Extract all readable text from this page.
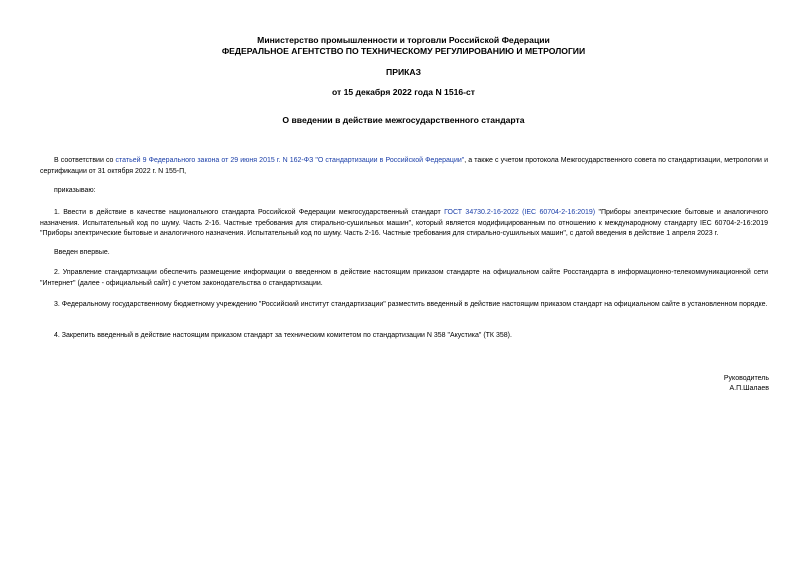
Министерство промышленности и торговли Российской Федерации
ФЕДЕРАЛЬНОЕ АГЕНТСТВО ПО ТЕХНИЧЕСКОМУ РЕГУЛИРОВАНИЮ И МЕТРОЛОГИИ
ПРИКАЗ
от 15 декабря 2022 года N 1516-ст
О введении в действие межгосударственного стандарта
В соответствии со статьей 9 Федерального закона от 29 июня 2015 г. N 162-ФЗ "О стандартизации в Российской Федерации", а также с учетом протокола Межгосударственного совета по стандартизации, метрологии и сертификации от 31 октября 2022 г. N 155-П,
приказываю:
1. Ввести в действие в качестве национального стандарта Российской Федерации межгосударственный стандарт ГОСТ 34730.2-16-2022 (IEC 60704-2-16:2019) "Приборы электрические бытовые и аналогичного назначения. Испытательный код по шуму. Часть 2-16. Частные требования для стирально-сушильных машин", который является модифицированным по отношению к международному стандарту IEC 60704-2-16:2019 "Приборы электрические бытовые и аналогичного назначения. Испытательный код по шуму. Часть 2-16. Частные требования для стирально-сушильных машин", с датой введения в действие 1 апреля 2023 г.
Введен впервые.
2. Управление стандартизации обеспечить размещение информации о введенном в действие настоящим приказом стандарте на официальном сайте Росстандарта в информационно-телекоммуникационной сети "Интернет" (далее - официальный сайт) с учетом законодательства о стандартизации.
3. Федеральному государственному бюджетному учреждению "Российский институт стандартизации" разместить введенный в действие настоящим приказом стандарт на официальном сайте в установленном порядке.
4. Закрепить введенный в действие настоящим приказом стандарт за техническим комитетом по стандартизации N 358 "Акустика" (ТК 358).
Руководитель
А.П.Шалаев
